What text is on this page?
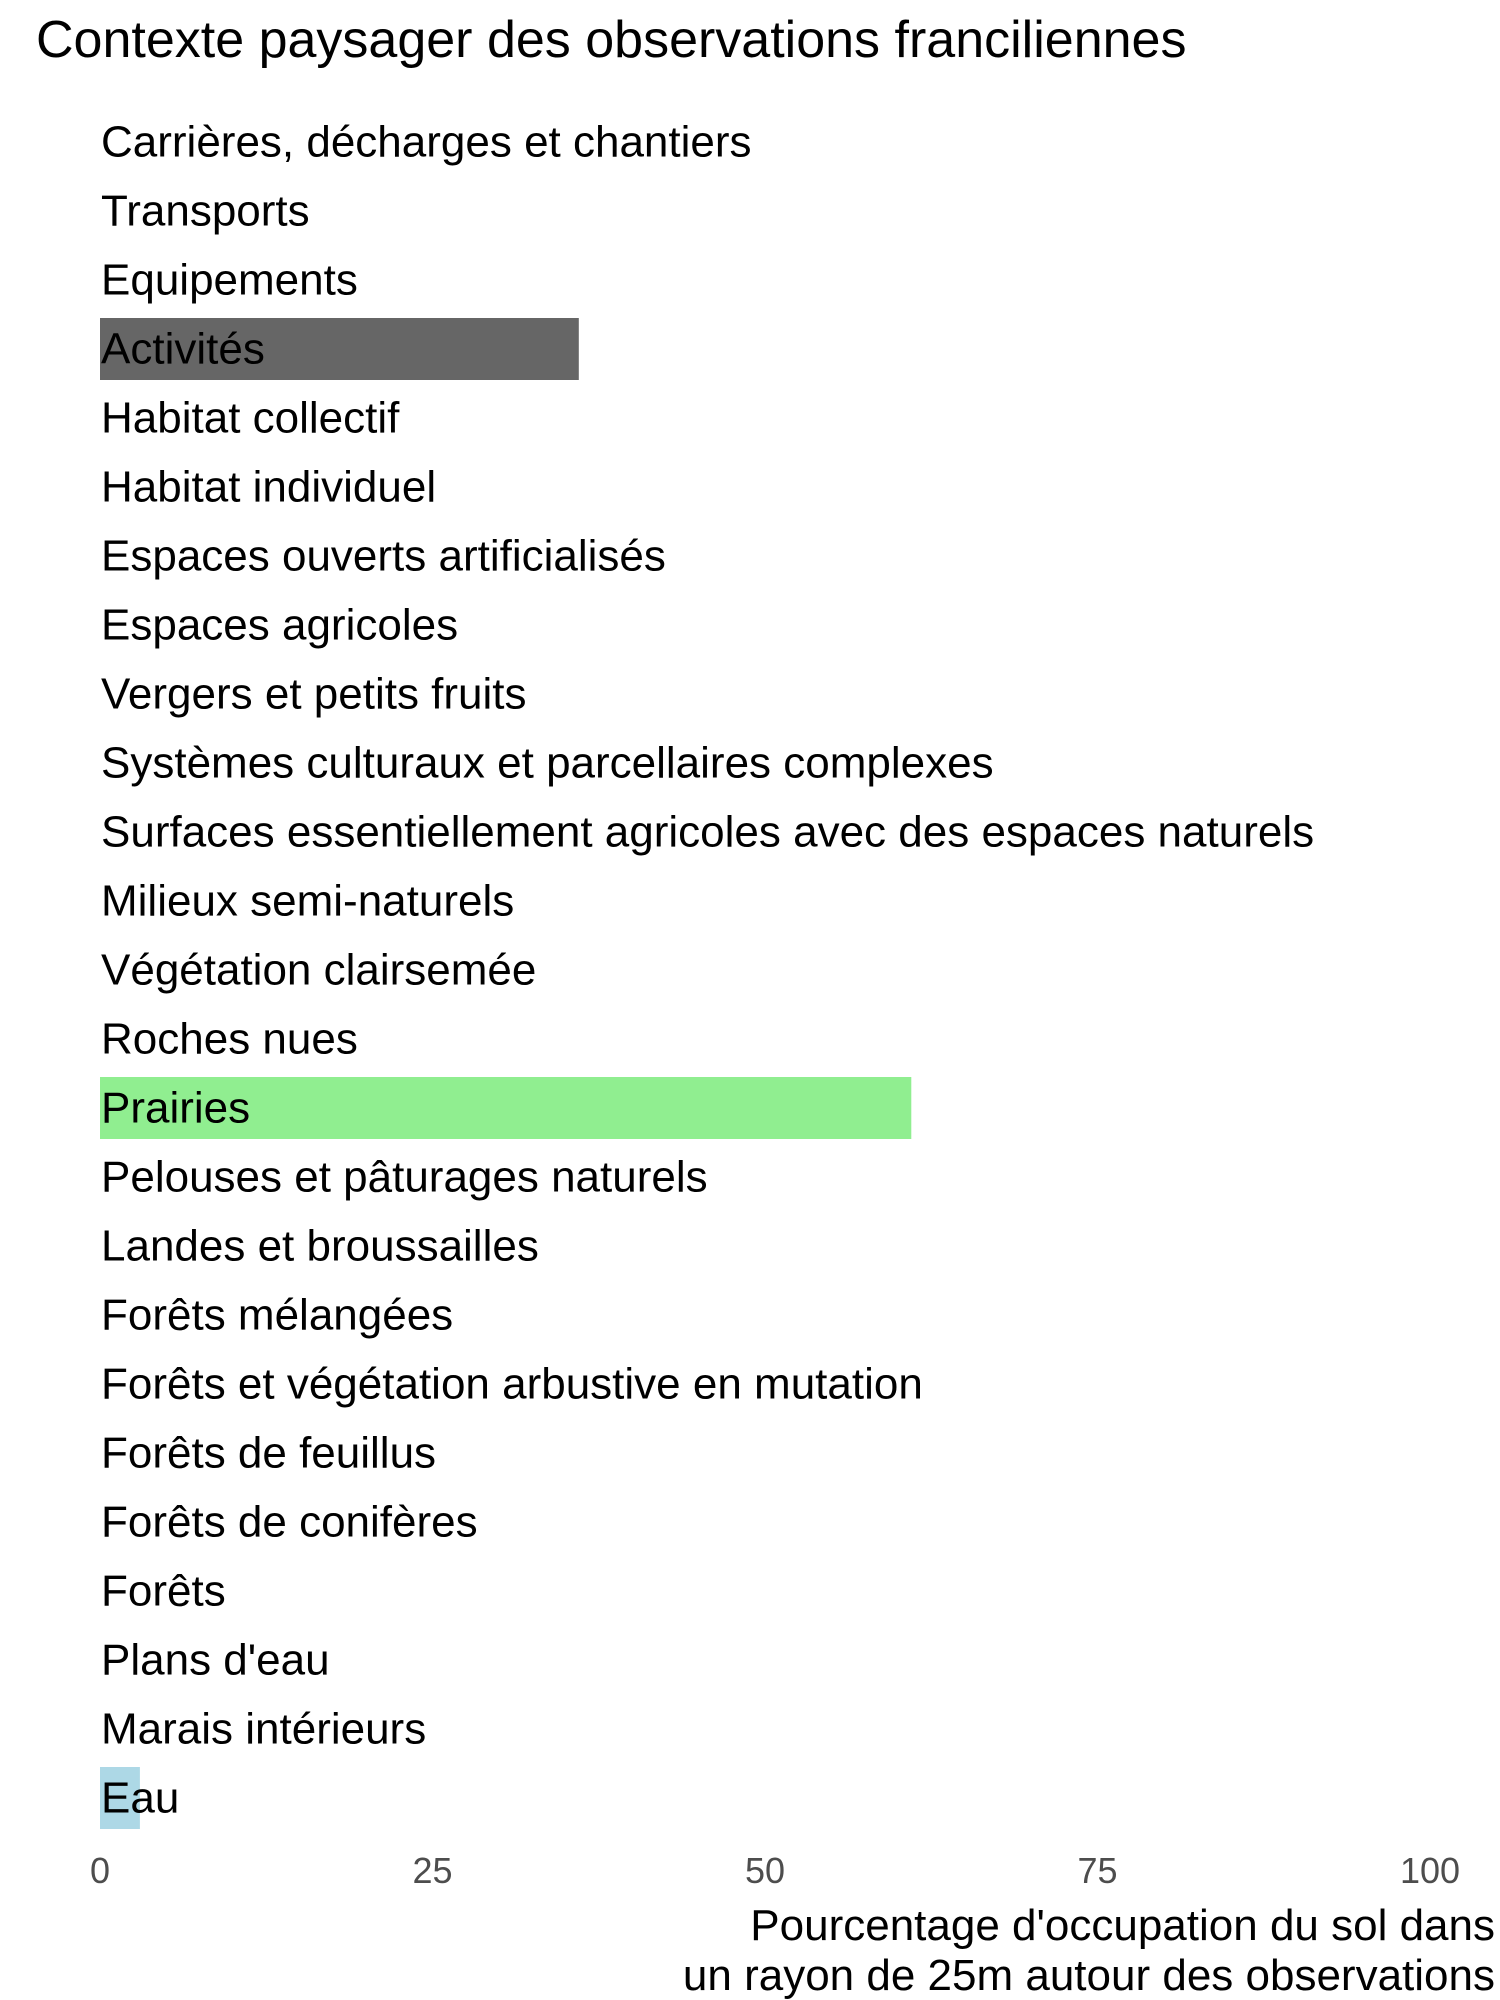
Contexte paysager des observations franciliennes
Carrières, décharges et chantiers
Transports
Equipements
Activités
Habitat collectif
Habitat individuel
Espaces ouverts artificialisés
Espaces agricoles
Vergers et petits fruits
Systèmes culturaux et parcellaires complexes
Surfaces essentiellement agricoles avec des espaces naturels
Milieux semi-naturels
Végétation clairsemée
Roches nues
Prairies
Pelouses et pâturages naturels
Landes et broussailles
Forêts mélangées
Forêts et végétation arbustive en mutation
Forêts de feuillus
Forêts de conifères
Forêts
Plans d'eau
Marais intérieurs
Eau
0	25	50	75	100
Pourcentage d'occupation du sol dans un rayon de 25m autour des observations
